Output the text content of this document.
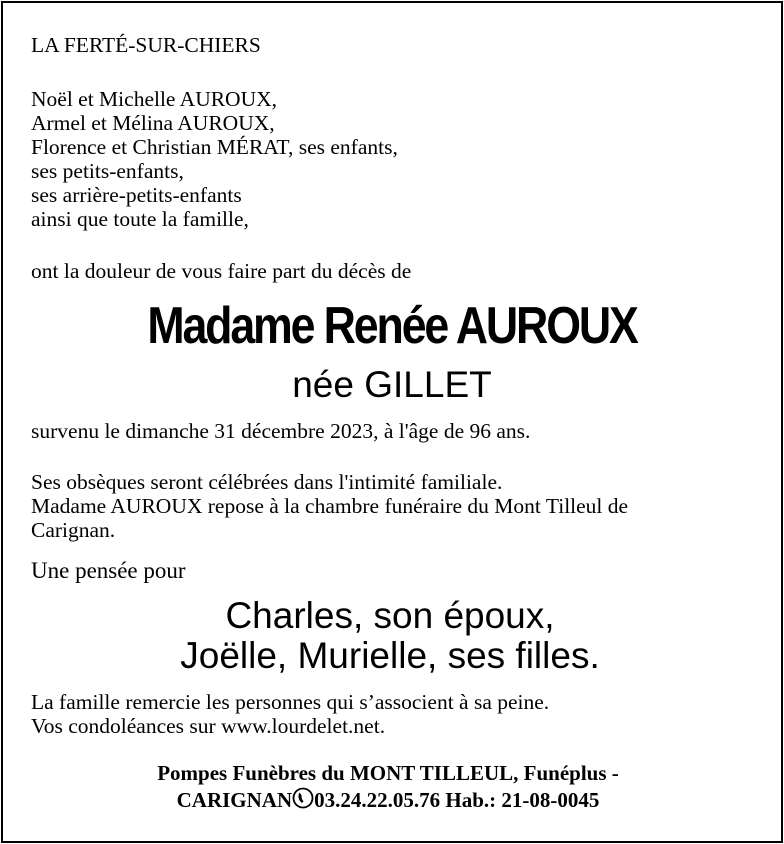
LA FERTÉ-SUR-CHIERS

Noël et Michelle AUROUX,

Armel et Mélina AUROUX,

Florence et Christian MÉRAT, ses enfants,

ses petits-enfants,

ses arrière-petits-enfants

ainsi que toute la famille,

ont la douleur de vous faire part du décès de

Madame Renée AUROUX

née GILLET

survenu le dimanche 31 décembre 2023, à l'âge de 96 ans.

Ses obsèques seront célébrées dans l'intimité familiale.

Madame AUROUX repose à la chambre funéraire du Mont Tilleul de

Carignan.

Une pensée pour

Charles, son époux,

Joëlle, Murielle, ses filles.

La famille remercie les personnes qui s’associent à sa peine.

Vos condoléances sur www.lourdelet.net.

Pompes Funèbres du MONT TILLEUL, Funéplus -

CARIGNAN 03.24.22.05.76 Hab.: 21-08-0045
